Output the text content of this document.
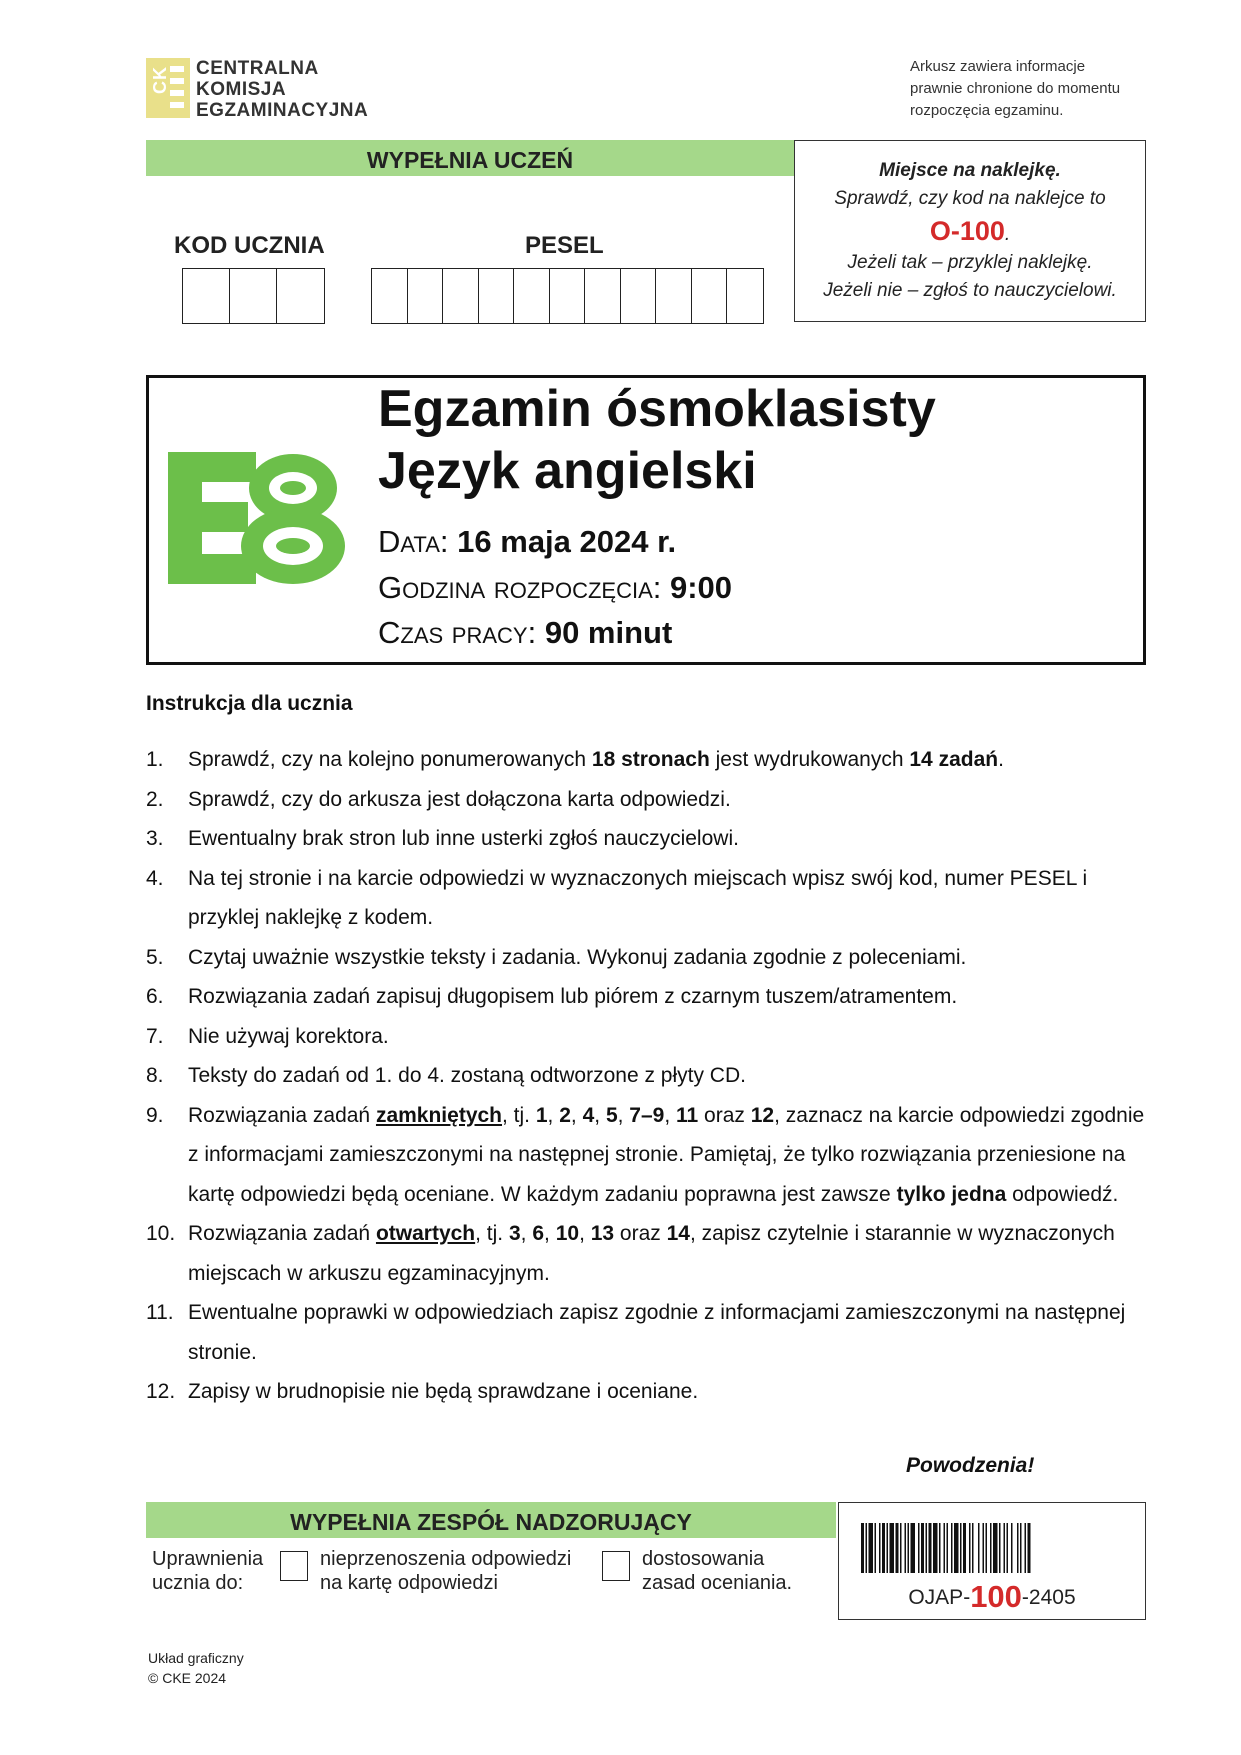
CK CENTRALNA
KOMISJA
EGZAMINACYJNA
Arkusz zawiera informacje
prawnie chronione do momentu
rozpoczęcia egzaminu.
WYPEŁNIA UCZEŃ
KOD UCZNIA	PESEL
Miejsce na naklejkę.
Sprawdź, czy kod na naklejce to
O-100.
Jeżeli tak – przyklej naklejkę.
Jeżeli nie – zgłoś to nauczycielowi.
Egzamin ósmoklasisty
Język angielski
Data: 16 maja 2024 r.
Godzina rozpoczęcia: 9:00
Czas pracy: 90 minut
Instrukcja dla ucznia
1.	Sprawdź, czy na kolejno ponumerowanych 18 stronach jest wydrukowanych 14 zadań.
2.	Sprawdź, czy do arkusza jest dołączona karta odpowiedzi.
3.	Ewentualny brak stron lub inne usterki zgłoś nauczycielowi.
4.	Na tej stronie i na karcie odpowiedzi w wyznaczonych miejscach wpisz swój kod, numer PESEL i przyklej naklejkę z kodem.
5.	Czytaj uważnie wszystkie teksty i zadania. Wykonuj zadania zgodnie z poleceniami.
6.	Rozwiązania zadań zapisuj długopisem lub piórem z czarnym tuszem/atramentem.
7.	Nie używaj korektora.
8.	Teksty do zadań od 1. do 4. zostaną odtworzone z płyty CD.
9.	Rozwiązania zadań zamkniętych, tj. 1, 2, 4, 5, 7–9, 11 oraz 12, zaznacz na karcie odpowiedzi zgodnie z informacjami zamieszczonymi na następnej stronie. Pamiętaj, że tylko rozwiązania przeniesione na kartę odpowiedzi będą oceniane. W każdym zadaniu poprawna jest zawsze tylko jedna odpowiedź.
10. Rozwiązania zadań otwartych, tj. 3, 6, 10, 13 oraz 14, zapisz czytelnie i starannie w wyznaczonych miejscach w arkuszu egzaminacyjnym.
11. Ewentualne poprawki w odpowiedziach zapisz zgodnie z informacjami zamieszczonymi na następnej stronie.
12. Zapisy w brudnopisie nie będą sprawdzane i oceniane.
Powodzenia!
WYPEŁNIA ZESPÓŁ NADZORUJĄCY
Uprawnienia
ucznia do:
nieprzenoszenia odpowiedzi
na kartę odpowiedzi
dostosowania
zasad oceniania.
OJAP-100-2405
Układ graficzny
© CKE 2024
